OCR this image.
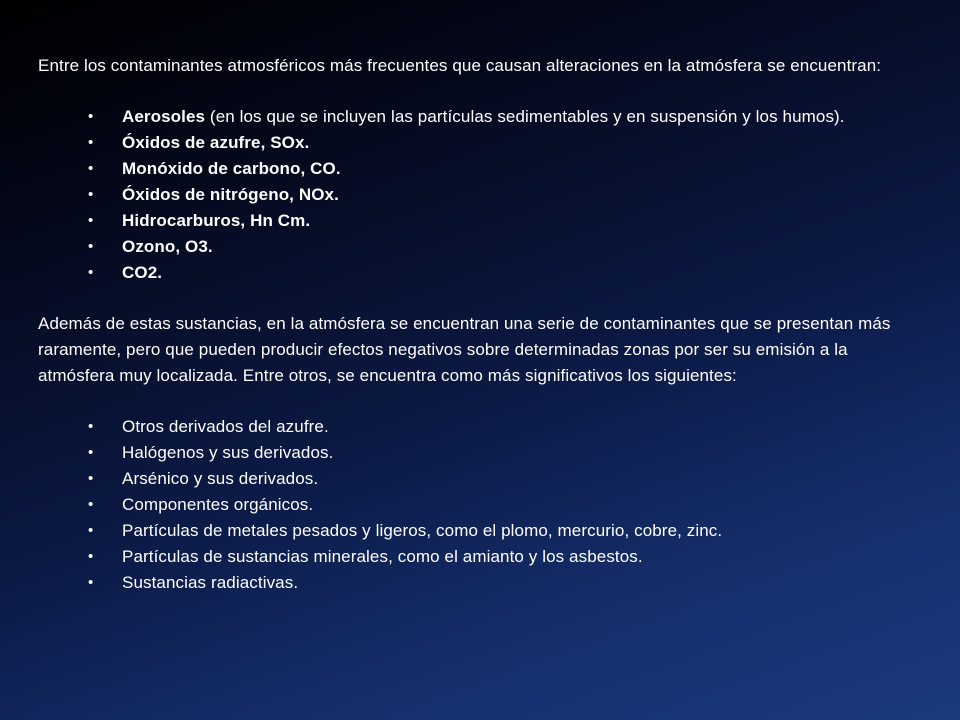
Entre los contaminantes atmosféricos más frecuentes que causan alteraciones en la atmósfera se encuentran:

• Aerosoles (en los que se incluyen las partículas sedimentables y en suspensión y los humos).
• Óxidos de azufre, SOx.
• Monóxido de carbono, CO.
• Óxidos de nitrógeno, NOx.
• Hidrocarburos, Hn Cm.
• Ozono, O3.
• CO2.

Además de estas sustancias, en la atmósfera se encuentran una serie de contaminantes que se presentan más raramente, pero que pueden producir efectos negativos sobre determinadas zonas por ser su emisión a la atmósfera muy localizada. Entre otros, se encuentra como más significativos los siguientes:

• Otros derivados del azufre.
• Halógenos y sus derivados.
• Arsénico y sus derivados.
• Componentes orgánicos.
• Partículas de metales pesados y ligeros, como el plomo, mercurio, cobre, zinc.
• Partículas de sustancias minerales, como el amianto y los asbestos.
• Sustancias radiactivas.
